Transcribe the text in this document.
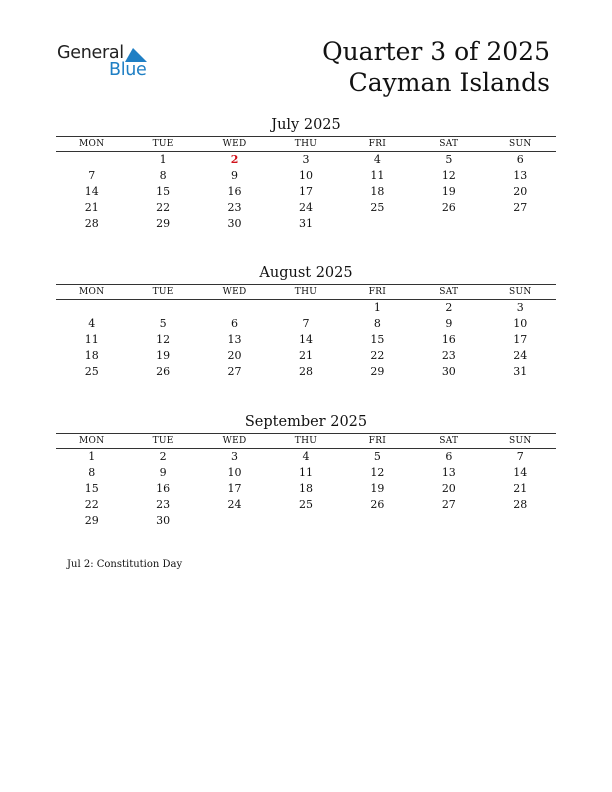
General
Blue
Quarter 3 of 2025
Cayman Islands
July 2025
MON	TUE	WED	THU	FRI	SAT	SUN
	1	2	3	4	5	6
7	8	9	10	11	12	13
14	15	16	17	18	19	20
21	22	23	24	25	26	27
28	29	30	31			
August 2025
MON	TUE	WED	THU	FRI	SAT	SUN
				1	2	3
4	5	6	7	8	9	10
11	12	13	14	15	16	17
18	19	20	21	22	23	24
25	26	27	28	29	30	31
September 2025
MON	TUE	WED	THU	FRI	SAT	SUN
1	2	3	4	5	6	7
8	9	10	11	12	13	14
15	16	17	18	19	20	21
22	23	24	25	26	27	28
29	30					
Jul 2: Constitution Day
